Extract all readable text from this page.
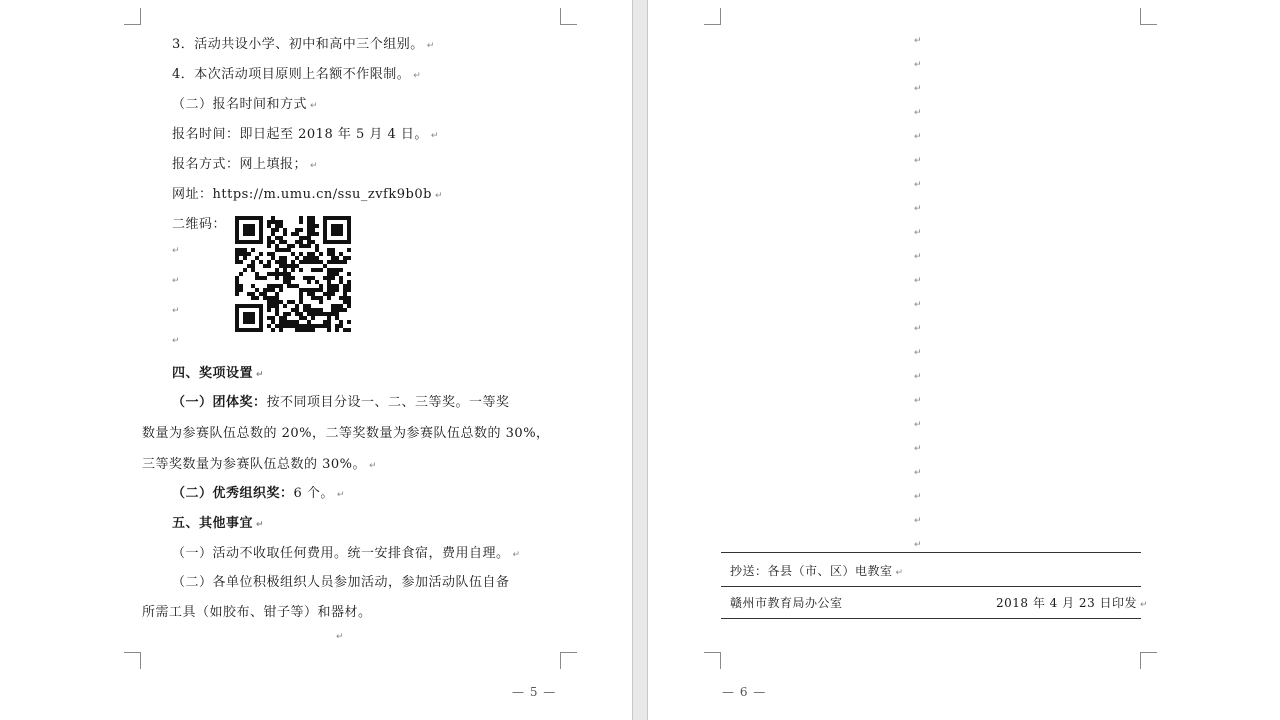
3．活动共设小学、初中和高中三个组别。 ↵
4．本次活动项目原则上名额不作限制。 ↵
（二）报名时间和方式 ↵
报名时间：即日起至 2018 年 5 月 4 日。 ↵
报名方式：网上填报； ↵
网址：https://m.umu.cn/ssu_zvfk9b0b ↵
二维码：
↵
↵
↵
↵
四、奖项设置 ↵
（一）团体奖：按不同项目分设一、二、三等奖。一等奖
数量为参赛队伍总数的 20%，二等奖数量为参赛队伍总数的 30%，
三等奖数量为参赛队伍总数的 30%。 ↵
（二）优秀组织奖：6 个。 ↵
五、其他事宜 ↵
（一）活动不收取任何费用。统一安排食宿，费用自理。 ↵
（二）各单位积极组织人员参加活动，参加活动队伍自备
所需工具（如胶布、钳子等）和器材。
↵
— 5 —
↵
↵
↵
↵
↵
↵
↵
↵
↵
↵
↵
↵
↵
↵
↵
↵
↵
↵
↵
↵
↵
↵
抄送：各县（市、区）电教室 ↵
赣州市教育局办公室	2018 年 4 月 23 日印发 ↵
— 6 —
